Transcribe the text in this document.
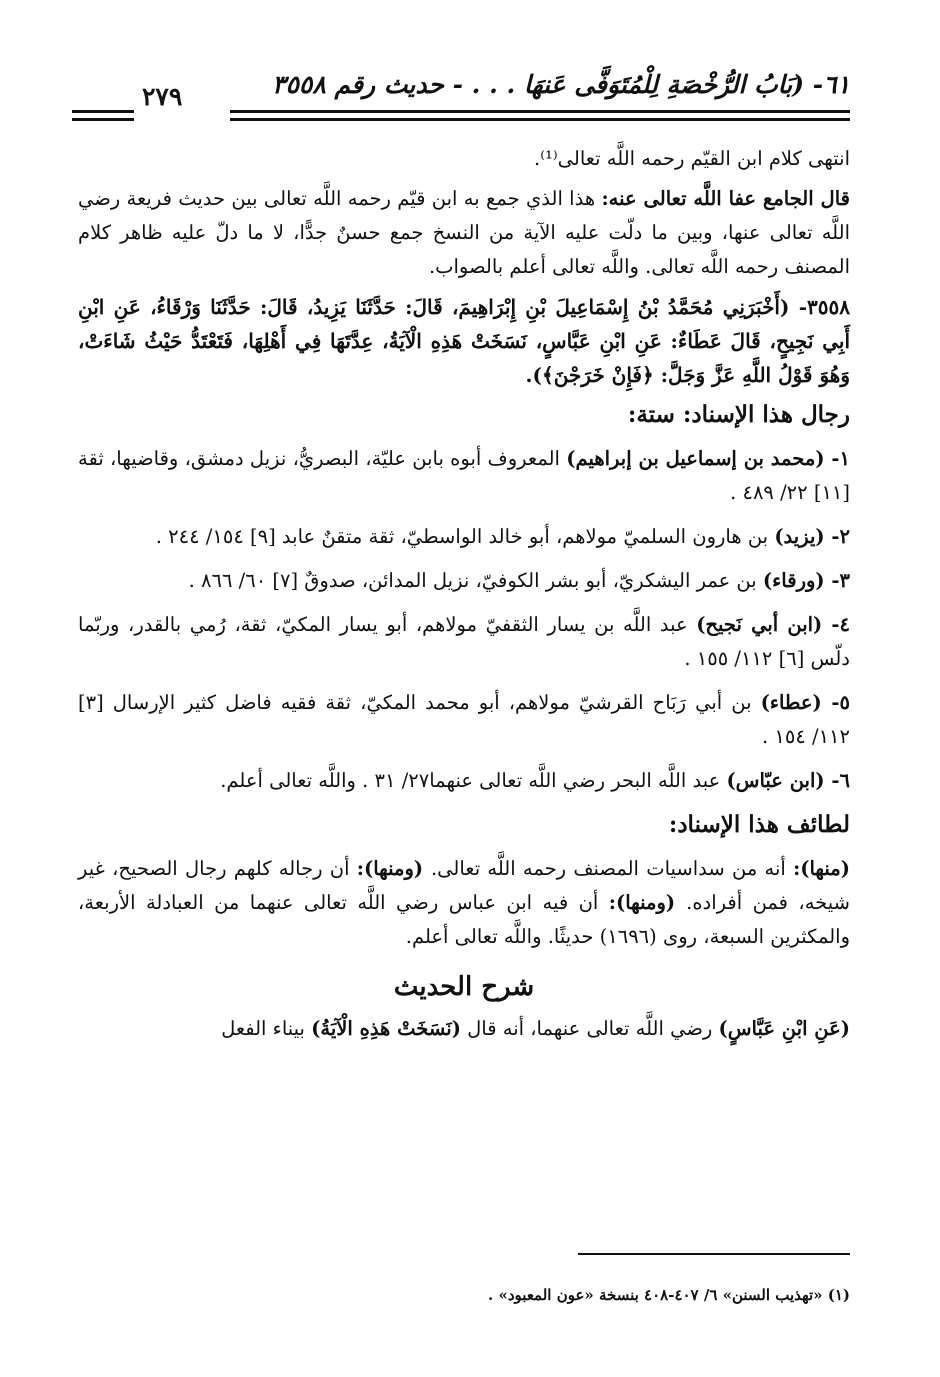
٦١- (بَابُ الرُّخْصَةِ لِلْمُتَوَفَّى عَنهَا . . . - حديث رقم ٣٥٥٨
٢٧٩

انتهى كلام ابن القيّم رحمه اللَّه تعالى⁽¹⁾.

قال الجامع عفا اللَّه تعالى عنه: هذا الذي جمع به ابن قيّم رحمه اللَّه تعالى بين حديث فريعة رضي اللَّه تعالى عنها، وبين ما دلّت عليه الآية من النسخ جمع حسنٌ جدًّا، لا ما دلّ عليه ظاهر كلام المصنف رحمه اللَّه تعالى. واللَّه تعالى أعلم بالصواب.

٣٥٥٨- (أَخْبَرَنِي مُحَمَّدُ بْنُ إِسْمَاعِيلَ بْنِ إِبْرَاهِيمَ، قَالَ: حَدَّثَنَا يَزِيدُ، قَالَ: حَدَّثَنَا وَرْقَاءُ، عَنِ ابْنِ أَبِي نَجِيحٍ، قَالَ عَطَاءٌ: عَنِ ابْنِ عَبَّاسٍ، نَسَخَتْ هَذِهِ الْآيَةُ، عِدَّتَهَا فِي أَهْلِهَا، فَتَعْتَدُّ حَيْثُ شَاءَتْ، وَهُوَ قَوْلُ اللَّهِ عَزَّ وَجَلَّ: ﴿فَإِنْ خَرَجْنَ﴾).

رجال هذا الإسناد: ستة:

١- (محمد بن إسماعيل بن إبراهيم) المعروف أبوه بابن عليّة، البصريُّ، نزيل دمشق، وقاضيها، ثقة [١١] ٢٢/ ٤٨٩ .

٢- (يزيد) بن هارون السلميّ مولاهم، أبو خالد الواسطيّ، ثقة متقنٌ عابد [٩] ١٥٤/ ٢٤٤ .

٣- (ورقاء) بن عمر اليشكريّ، أبو بشر الكوفيّ، نزيل المدائن، صدوقٌ [٧] ٦٠/ ٨٦٦ .

٤- (ابن أبي نَجيح) عبد اللَّه بن يسار الثقفيّ مولاهم، أبو يسار المكيّ، ثقة، رُمي بالقدر، وربّما دلّس [٦] ١١٢/ ١٥٥ .

٥- (عطاء) بن أبي رَبَاح القرشيّ مولاهم، أبو محمد المكيّ، ثقة فقيه فاضل كثير الإرسال [٣] ١١٢/ ١٥٤ .

٦- (ابن عبّاس) عبد اللَّه البحر رضي اللَّه تعالى عنهما٢٧/ ٣١ . واللَّه تعالى أعلم.

لطائف هذا الإسناد:

(منها): أنه من سداسيات المصنف رحمه اللَّه تعالى. (ومنها): أن رجاله كلهم رجال الصحيح، غير شيخه، فمن أفراده. (ومنها): أن فيه ابن عباس رضي اللَّه تعالى عنهما من العبادلة الأربعة، والمكثرين السبعة، روى (١٦٩٦) حديثًا. واللَّه تعالى أعلم.

شرح الحديث

(عَنِ ابْنِ عَبَّاسٍ) رضي اللَّه تعالى عنهما، أنه قال (نَسَخَتْ هَذِهِ الْآيَةُ) بيناء الفعل

(١) «تهذيب السنن» ٦/ ٤٠٧-٤٠٨ بنسخة «عون المعبود» .
